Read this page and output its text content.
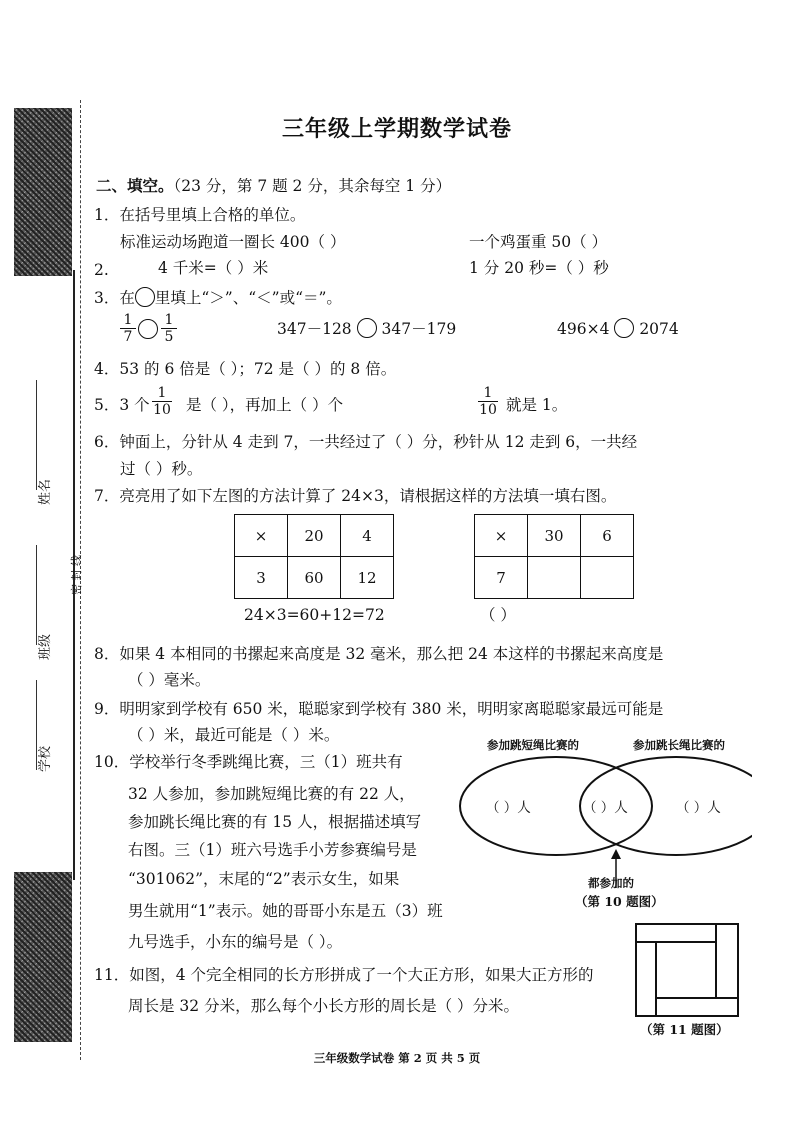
姓名
班级
学校
密 封 线
三年级上学期数学试卷
二、填空。（23 分，第 7 题 2 分，其余每空 1 分）
1．在括号里填上合格的单位。
标准运动场跑道一圈长 400（ ）	一个鸡蛋重 50（ ）
2.	4 千米=（ ）米	1 分 20 秒=（ ）秒
3．在 里填上“＞”、“＜”或“＝”。
$\frac{1}{7} \frac{1}{5}$	347－128 347－179	496×4 2074
4．53 的 6 倍是（ ）；72 是（ ）的 8 倍。
5．3 个 $\frac{1}{10}$ 是（ ），再加上（ ）个	$\frac{1}{10}$ 就是 1。
6．钟面上，分针从 4 走到 7，一共经过了（ ）分，秒针从 12 走到 6，一共经
过（ ）秒。
7．亮亮用了如下左图的方法计算了 24×3，请根据这样的方法填一填右图。
×	20	4
3	60	12
×	30	6
7		
24×3=60+12=72	（ ）
8．如果 4 本相同的书摞起来高度是 32 毫米，那么把 24 本这样的书摞起来高度是
（ ）毫米。
9．明明家到学校有 650 米，聪聪家到学校有 380 米，明明家离聪聪家最远可能是
（ ）米，最近可能是（ ）米。
10．学校举行冬季跳绳比赛，三（1）班共有
32 人参加，参加跳短绳比赛的有 22 人，
参加跳长绳比赛的有 15 人，根据描述填写
右图。三（1）班六号选手小芳参赛编号是
“301062”，末尾的“2”表示女生，如果
男生就用“1”表示。她的哥哥小东是五（3）班
九号选手，小东的编号是（ ）。
参加跳短绳比赛的	参加跳长绳比赛的
（ ）人	（ ）人	（ ）人
都参加的
（第 10 题图）
11．如图，4 个完全相同的长方形拼成了一个大正方形，如果大正方形的
周长是 32 分米，那么每个小长方形的周长是（ ）分米。
（第 11 题图）
三年级数学试卷 第 2 页 共 5 页
